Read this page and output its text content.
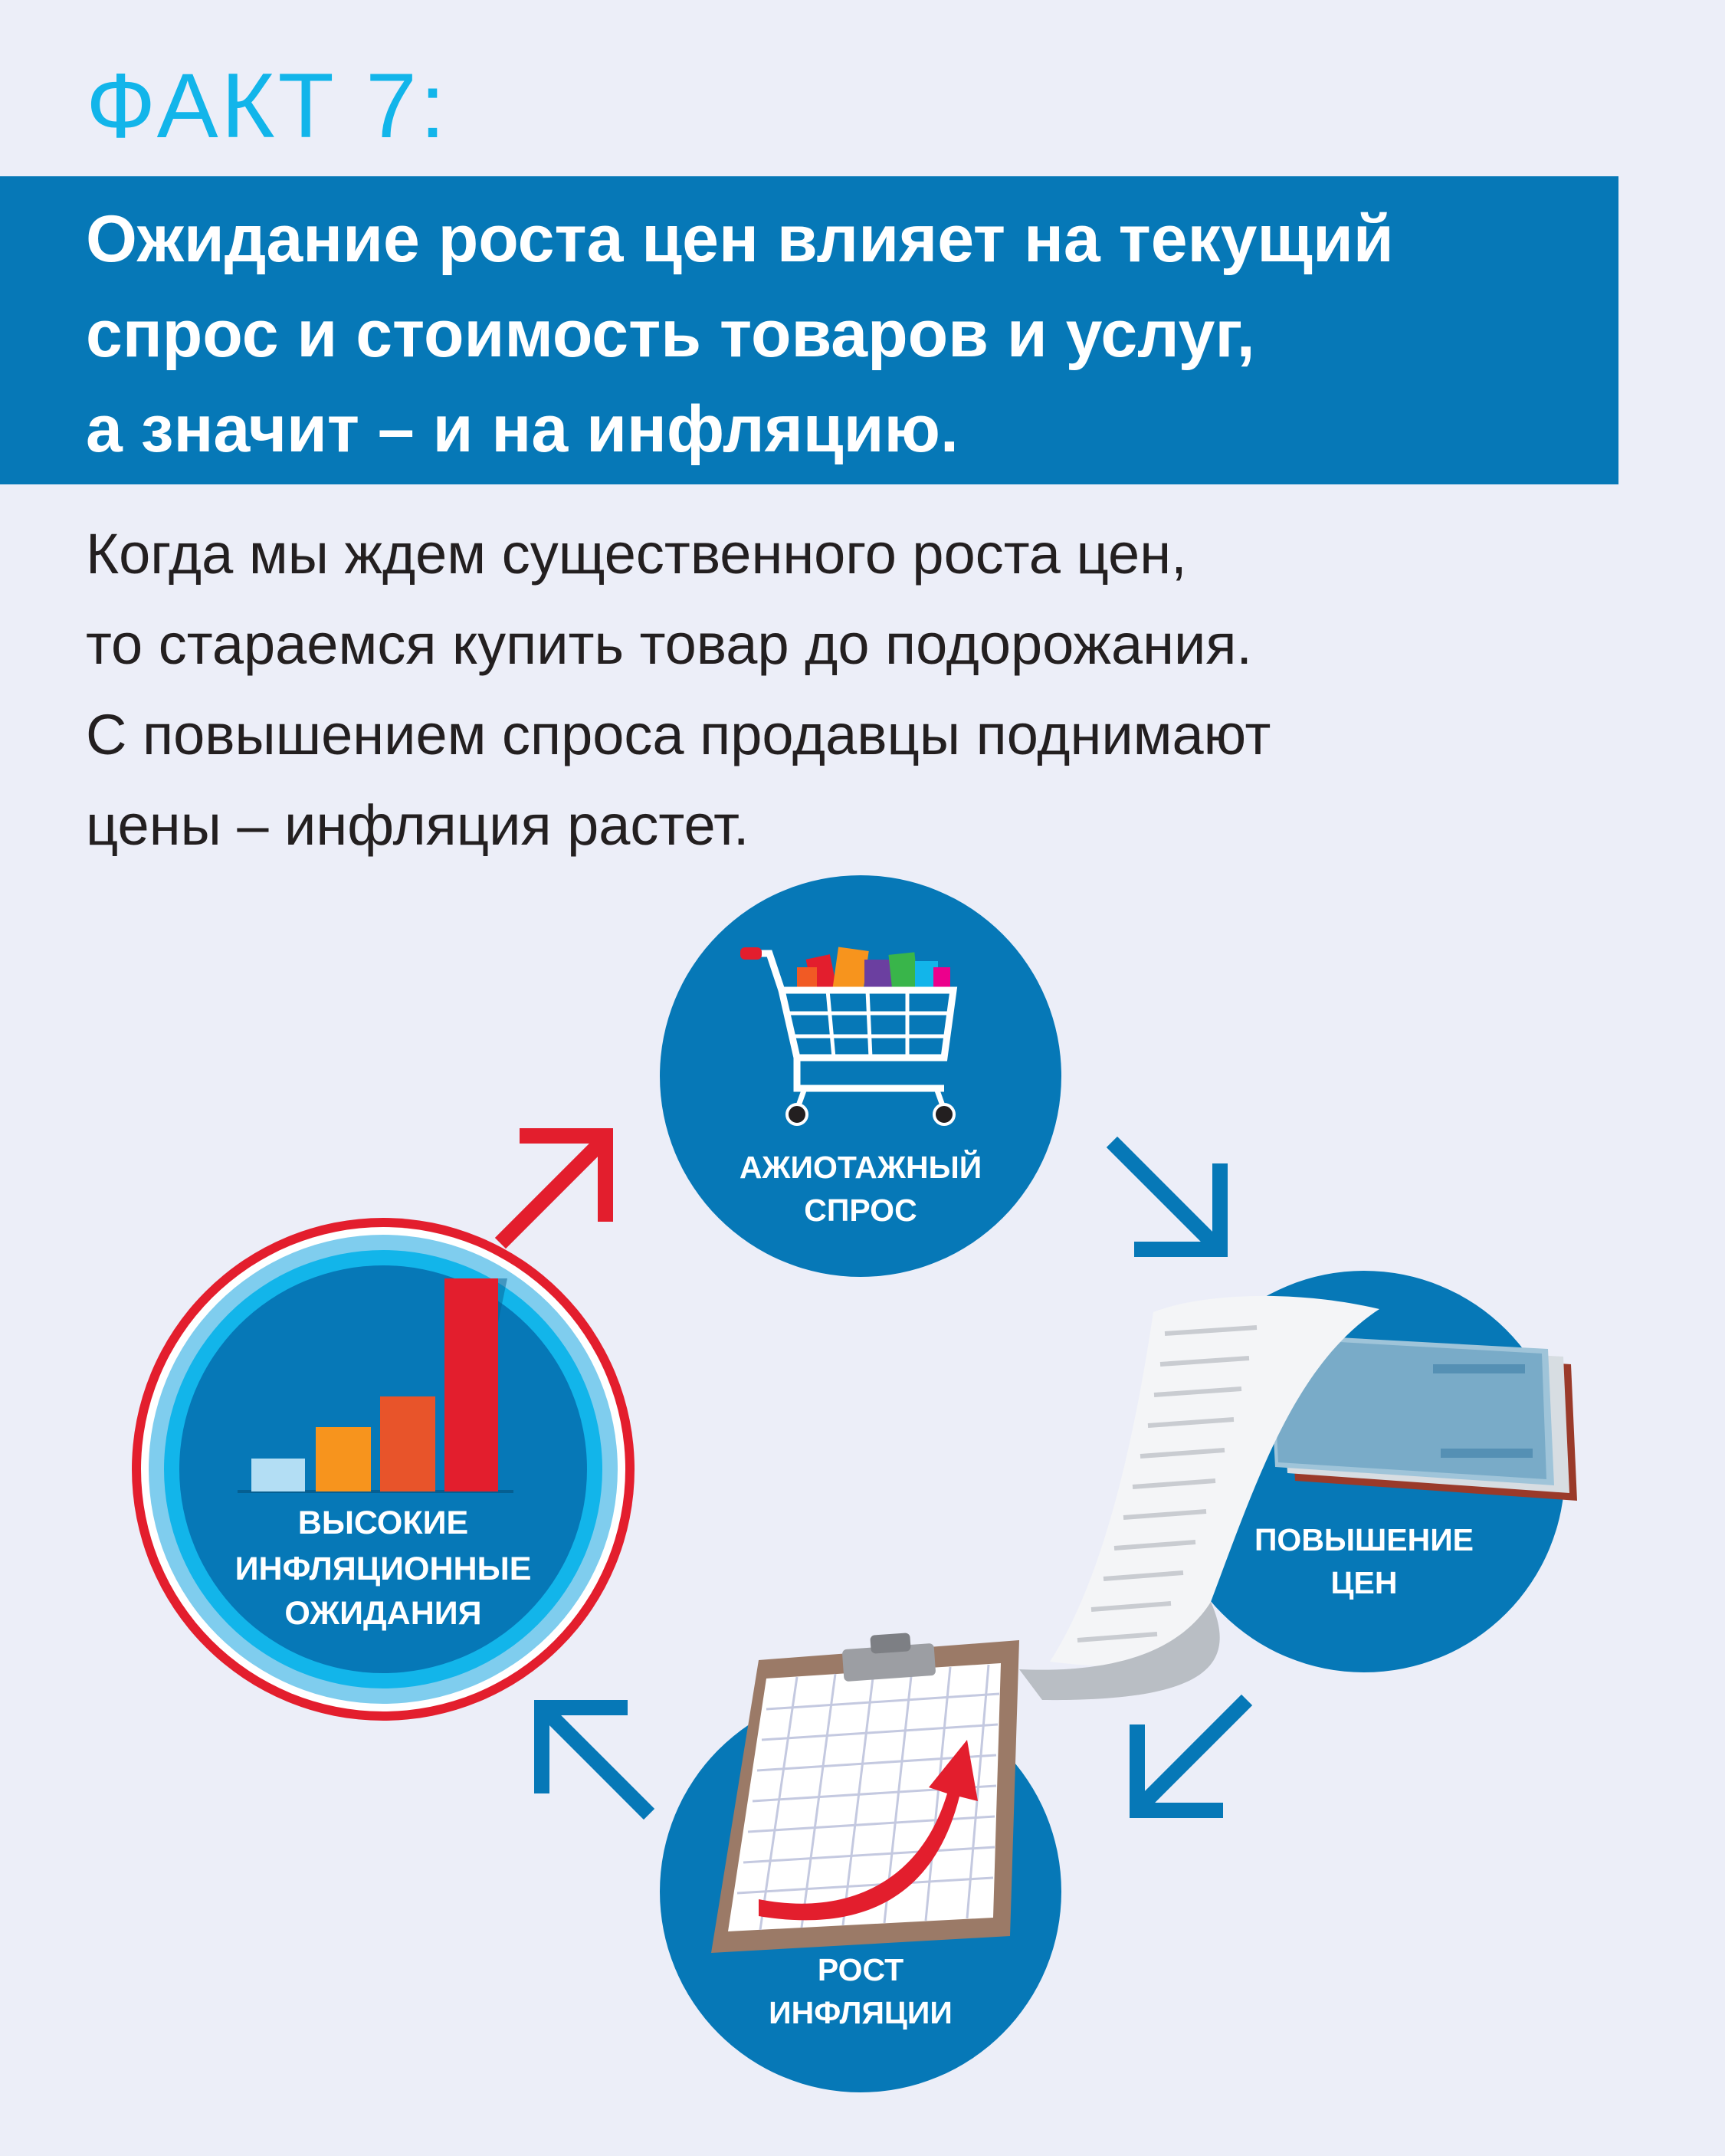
ФАКТ 7:
Ожидание роста цен влияет на текущий
спрос и стоимость товаров и услуг,
а значит – и на инфляцию.
Когда мы ждем существенного роста цен,
то стараемся купить товар до подорожания.
С повышением спроса продавцы поднимают
цены – инфляция растет.
ВЫСОКИЕ
ИНФЛЯЦИОННЫЕ
ОЖИДАНИЯ
АЖИОТАЖНЫЙ
СПРОС
ПОВЫШЕНИЕ
ЦЕН
РОСТ
ИНФЛЯЦИИ
